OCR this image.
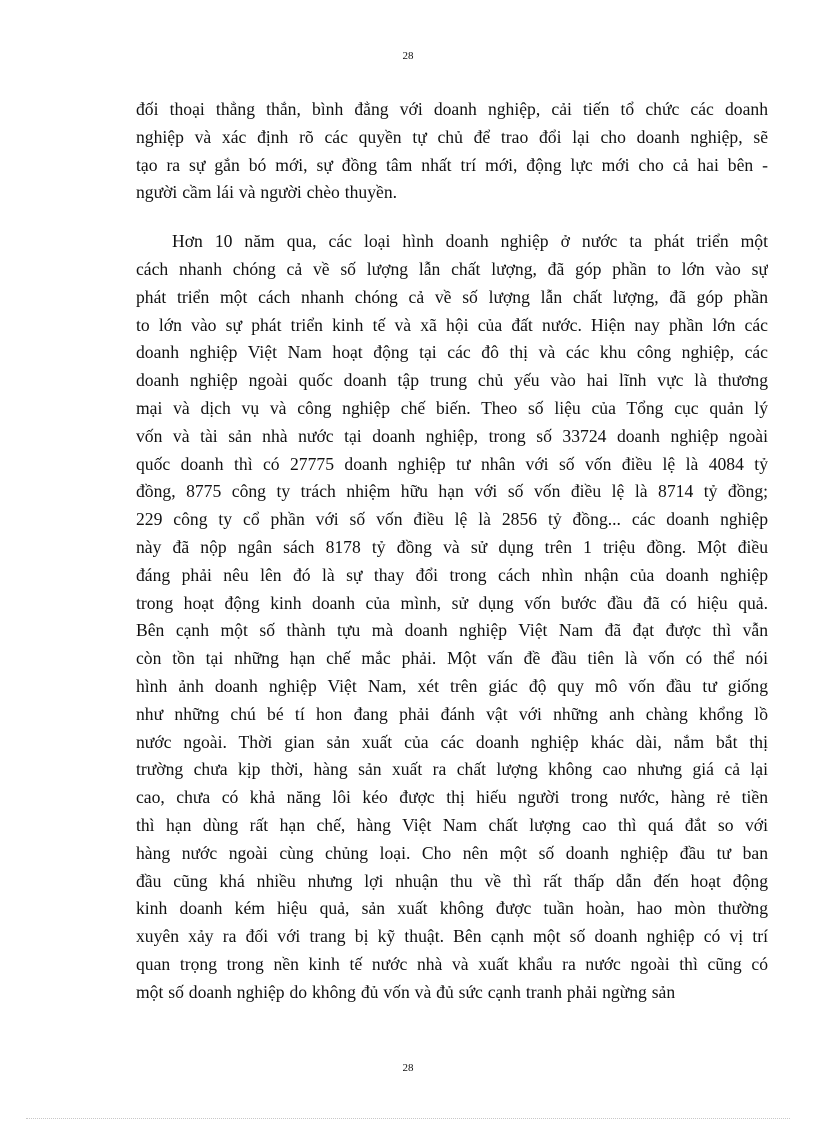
28
đối thoại thẳng thắn, bình đẳng với doanh nghiệp, cải tiến tổ chức các doanh
nghiệp và xác định rõ các quyền tự chủ để trao đổi lại cho doanh nghiệp, sẽ
tạo ra sự gắn bó mới, sự đồng tâm nhất trí mới, động lực mới cho cả hai bên -
người cầm lái và người chèo thuyền.
Hơn 10 năm qua, các loại hình doanh nghiệp ở nước ta phát triển một
cách nhanh chóng cả về số lượng lẫn chất lượng, đã góp phần to lớn vào sự
phát triển một cách nhanh chóng cả về số lượng lẫn chất lượng, đã góp phần
to lớn vào sự phát triển kinh tế và xã hội của đất nước. Hiện nay phần lớn các
doanh nghiệp Việt Nam hoạt động tại các đô thị và các khu công nghiệp, các
doanh nghiệp ngoài quốc doanh tập trung chủ yếu vào hai lĩnh vực là thương
mại và dịch vụ và công nghiệp chế biến. Theo số liệu của Tổng cục quản lý
vốn và tài sản nhà nước tại doanh nghiệp, trong số 33724 doanh nghiệp ngoài
quốc doanh thì có 27775 doanh nghiệp tư nhân với số vốn điều lệ là 4084 tỷ
đồng, 8775 công ty trách nhiệm hữu hạn với số vốn điều lệ là 8714 tỷ đồng;
229 công ty cổ phần với số vốn điều lệ là 2856 tỷ đồng... các doanh nghiệp
này đã nộp ngân sách 8178 tỷ đồng và sử dụng trên 1 triệu đồng. Một điều
đáng phải nêu lên đó là sự thay đổi trong cách nhìn nhận của doanh nghiệp
trong hoạt động kinh doanh của mình, sử dụng vốn bước đầu đã có hiệu quả.
Bên cạnh một số thành tựu mà doanh nghiệp Việt Nam đã đạt được thì vẫn
còn tồn tại những hạn chế mắc phải. Một vấn đề đầu tiên là vốn có thể nói
hình ảnh doanh nghiệp Việt Nam, xét trên giác độ quy mô vốn đầu tư giống
như những chú bé tí hon đang phải đánh vật với những anh chàng khổng lồ
nước ngoài. Thời gian sản xuất của các doanh nghiệp khác dài, nắm bắt thị
trường chưa kịp thời, hàng sản xuất ra chất lượng không cao nhưng giá cả lại
cao, chưa có khả năng lôi kéo được thị hiếu người trong nước, hàng rẻ tiền
thì hạn dùng rất hạn chế, hàng Việt Nam chất lượng cao thì quá đắt so với
hàng nước ngoài cùng chủng loại. Cho nên một số doanh nghiệp đầu tư ban
đầu cũng khá nhiều nhưng lợi nhuận thu về thì rất thấp dẫn đến hoạt động
kinh doanh kém hiệu quả, sản xuất không được tuần hoàn, hao mòn thường
xuyên xảy ra đối với trang bị kỹ thuật. Bên cạnh một số doanh nghiệp có vị trí
quan trọng trong nền kinh tế nước nhà và xuất khẩu ra nước ngoài thì cũng có
một số doanh nghiệp do không đủ vốn và đủ sức cạnh tranh phải ngừng sản
28
